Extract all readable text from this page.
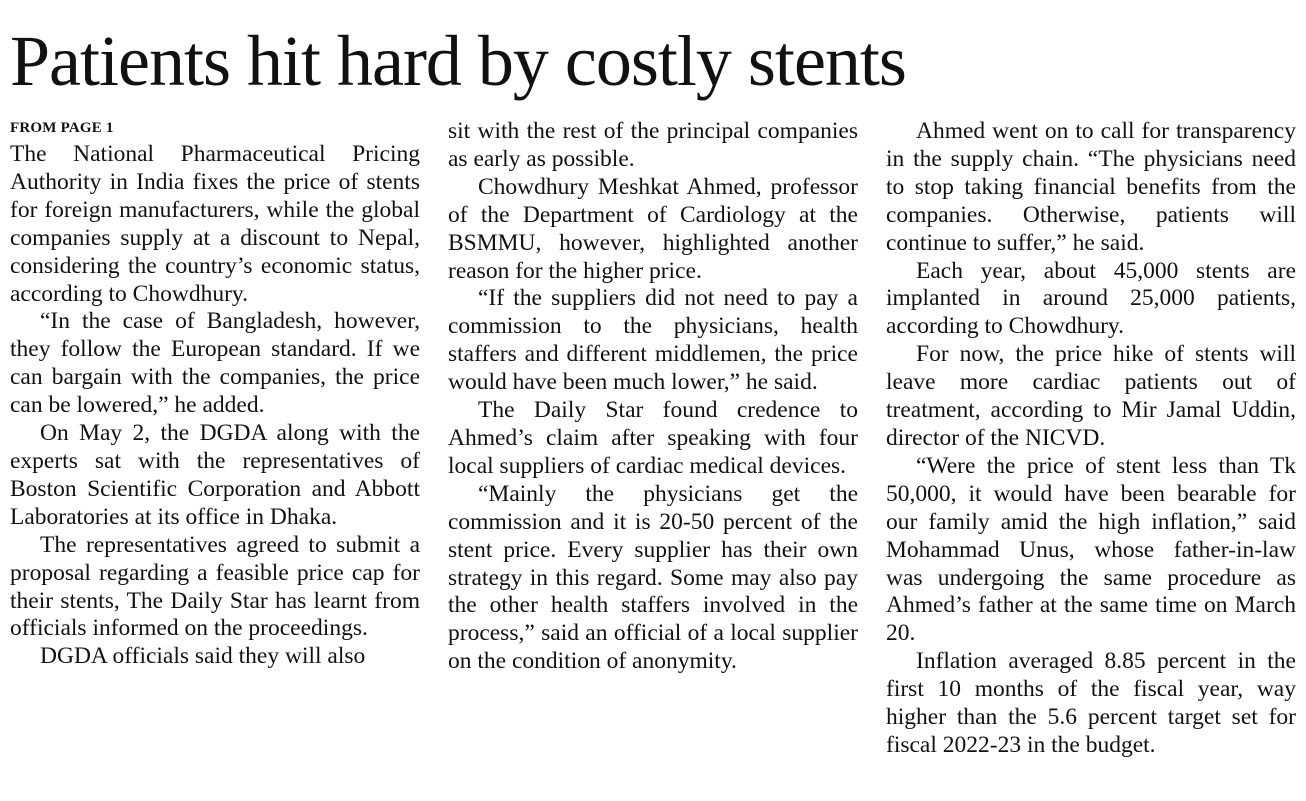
Patients hit hard by costly stents
FROM PAGE 1

The National Pharmaceutical Pricing Authority in India fixes the price of stents for foreign manufacturers, while the global companies supply at a discount to Nepal, considering the country’s economic status, according to Chowdhury.

“In the case of Bangladesh, however, they follow the European standard. If we can bargain with the companies, the price can be lowered,” he added.

On May 2, the DGDA along with the experts sat with the representatives of Boston Scientific Corporation and Abbott Laboratories at its office in Dhaka.

The representatives agreed to submit a proposal regarding a feasible price cap for their stents, The Daily Star has learnt from officials informed on the proceedings.

DGDA officials said they will also

sit with the rest of the principal companies as early as possible.

Chowdhury Meshkat Ahmed, professor of the Department of Cardiology at the BSMMU, however, highlighted another reason for the higher price.

“If the suppliers did not need to pay a commission to the physicians, health staffers and different middlemen, the price would have been much lower,” he said.

The Daily Star found credence to Ahmed’s claim after speaking with four local suppliers of cardiac medical devices.

“Mainly the physicians get the commission and it is 20-50 percent of the stent price. Every supplier has their own strategy in this regard. Some may also pay the other health staffers involved in the process,” said an official of a local supplier on the condition of anonymity.

Ahmed went on to call for transparency in the supply chain. “The physicians need to stop taking financial benefits from the companies. Otherwise, patients will continue to suffer,” he said.

Each year, about 45,000 stents are implanted in around 25,000 patients, according to Chowdhury.

For now, the price hike of stents will leave more cardiac patients out of treatment, according to Mir Jamal Uddin, director of the NICVD.

“Were the price of stent less than Tk 50,000, it would have been bearable for our family amid the high inflation,” said Mohammad Unus, whose father-in-law was undergoing the same procedure as Ahmed’s father at the same time on March 20.

Inflation averaged 8.85 percent in the first 10 months of the fiscal year, way higher than the 5.6 percent target set for fiscal 2022-23 in the budget.
